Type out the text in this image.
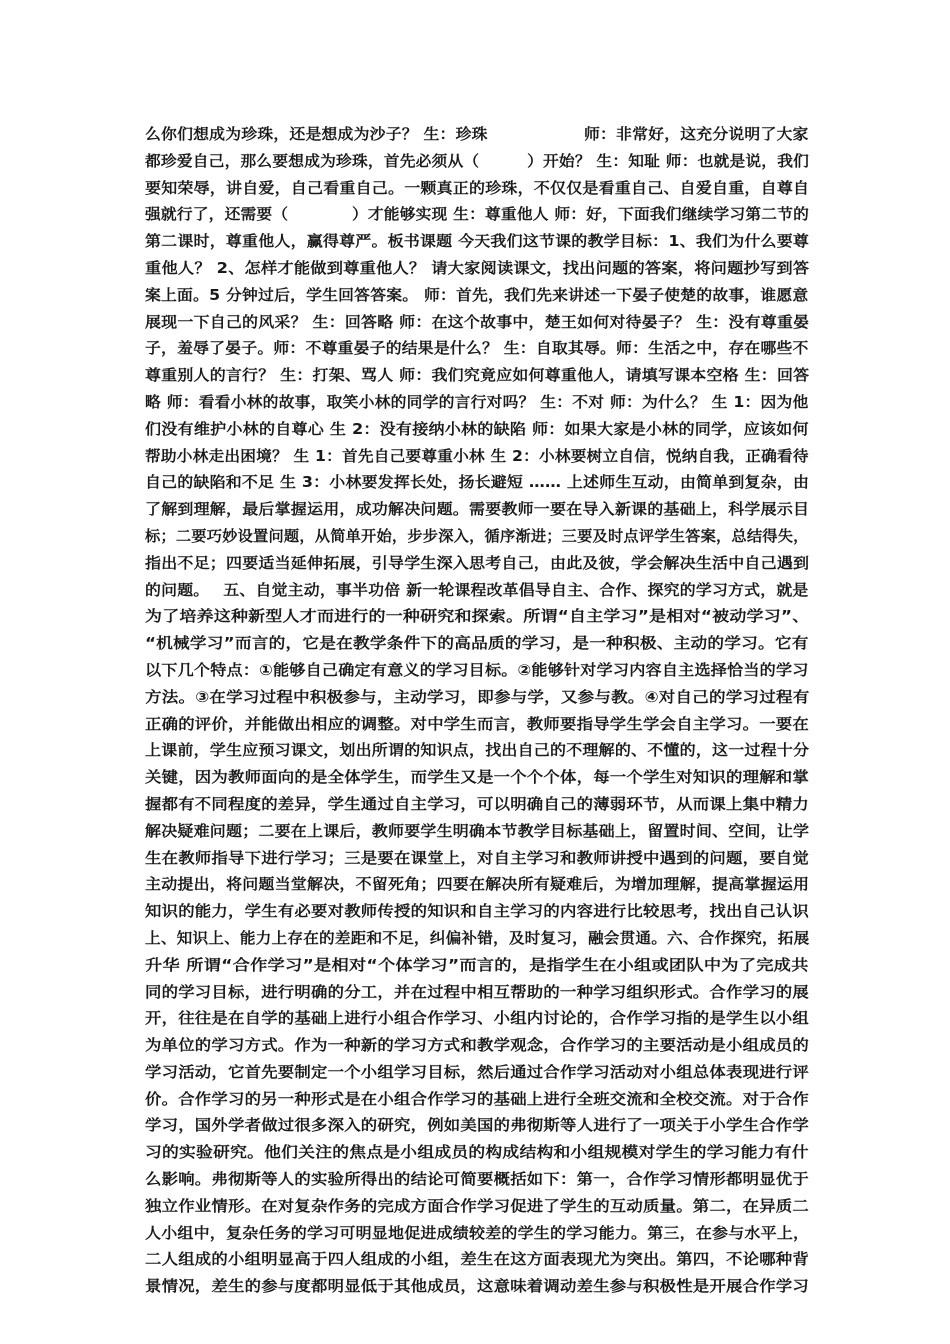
么你们想成为珍珠，还是想成为沙子？ 生：珍珠　　　　　　师：非常好，这充分说明了大家
都珍爱自己，那么要想成为珍珠，首先必须从（　　　）开始？ 生：知耻 师：也就是说，我们
要知荣辱，讲自爱，自己看重自己。一颗真正的珍珠，不仅仅是看重自己、自爱自重，自尊自
强就行了，还需要（　　　　）才能够实现 生：尊重他人 师：好，下面我们继续学习第二节的
第二课时，尊重他人，赢得尊严。板书课题 今天我们这节课的教学目标：1、我们为什么要尊
重他人？ 2、怎样才能做到尊重他人？ 请大家阅读课文，找出问题的答案，将问题抄写到答
案上面。5 分钟过后，学生回答答案。 师：首先，我们先来讲述一下晏子使楚的故事，谁愿意
展现一下自己的风采？ 生：回答略 师：在这个故事中，楚王如何对待晏子？ 生：没有尊重晏
子，羞辱了晏子。师：不尊重晏子的结果是什么？ 生：自取其辱。师：生活之中，存在哪些不
尊重别人的言行？ 生：打架、骂人 师：我们究竟应如何尊重他人，请填写课本空格 生：回答
略 师：看看小林的故事，取笑小林的同学的言行对吗？ 生：不对 师：为什么？ 生 1：因为他
们没有维护小林的自尊心 生 2：没有接纳小林的缺陷 师：如果大家是小林的同学，应该如何
帮助小林走出困境？ 生 1：首先自己要尊重小林 生 2：小林要树立自信，悦纳自我，正确看待
自己的缺陷和不足 生 3：小林要发挥长处，扬长避短 …… 上述师生互动，由简单到复杂，由
了解到理解，最后掌握运用，成功解决问题。需要教师一要在导入新课的基础上，科学展示目
标；二要巧妙设置问题，从简单开始，步步深入，循序渐进；三要及时点评学生答案，总结得失，
指出不足；四要适当延伸拓展，引导学生深入思考自己，由此及彼，学会解决生活中自己遇到
的问题。　 五、自觉主动，事半功倍 新一轮课程改革倡导自主、合作、探究的学习方式，就是
为了培养这种新型人才而进行的一种研究和探索。所谓“自主学习”是相对“被动学习”、
“机械学习”而言的，它是在教学条件下的高品质的学习，是一种积极、主动的学习。它有
以下几个特点：①能够自己确定有意义的学习目标。②能够针对学习内容自主选择恰当的学习
方法。③在学习过程中积极参与，主动学习，即参与学，又参与教。④对自己的学习过程有
正确的评价，并能做出相应的调整。对中学生而言，教师要指导学生学会自主学习。一要在
上课前，学生应预习课文，划出所谓的知识点，找出自己的不理解的、不懂的，这一过程十分
关键，因为教师面向的是全体学生，而学生又是一个个个体，每一个学生对知识的理解和掌
握都有不同程度的差异，学生通过自主学习，可以明确自己的薄弱环节，从而课上集中精力
解决疑难问题；二要在上课后，教师要学生明确本节教学目标基础上，留置时间、空间，让学
生在教师指导下进行学习；三是要在课堂上，对自主学习和教师讲授中遇到的问题，要自觉
主动提出，将问题当堂解决，不留死角；四要在解决所有疑难后，为增加理解，提高掌握运用
知识的能力，学生有必要对教师传授的知识和自主学习的内容进行比较思考，找出自己认识
上、知识上、能力上存在的差距和不足，纠偏补错，及时复习，融会贯通。六、合作探究，拓展
升华 所谓“合作学习”是相对“个体学习”而言的，是指学生在小组或团队中为了完成共
同的学习目标，进行明确的分工，并在过程中相互帮助的一种学习组织形式。合作学习的展
开，往往是在自学的基础上进行小组合作学习、小组内讨论的，合作学习指的是学生以小组
为单位的学习方式。作为一种新的学习方式和教学观念，合作学习的主要活动是小组成员的
学习活动，它首先要制定一个小组学习目标，然后通过合作学习活动对小组总体表现进行评
价。合作学习的另一种形式是在小组合作学习的基础上进行全班交流和全校交流。对于合作
学习，国外学者做过很多深入的研究，例如美国的弗彻斯等人进行了一项关于小学生合作学
习的实验研究。他们关注的焦点是小组成员的构成结构和小组规模对学生的学习能力有什
么影响。弗彻斯等人的实验所得出的结论可简要概括如下：第一，合作学习情形都明显优于
独立作业情形。在对复杂作务的完成方面合作学习促进了学生的互动质量。第二，在异质二
人小组中，复杂任务的学习可明显地促进成绩较差的学生的学习能力。第三，在参与水平上，
二人组成的小组明显高于四人组成的小组，差生在这方面表现尤为突出。第四，不论哪种背
景情况，差生的参与度都明显低于其他成员，这意味着调动差生参与积极性是开展合作学习
